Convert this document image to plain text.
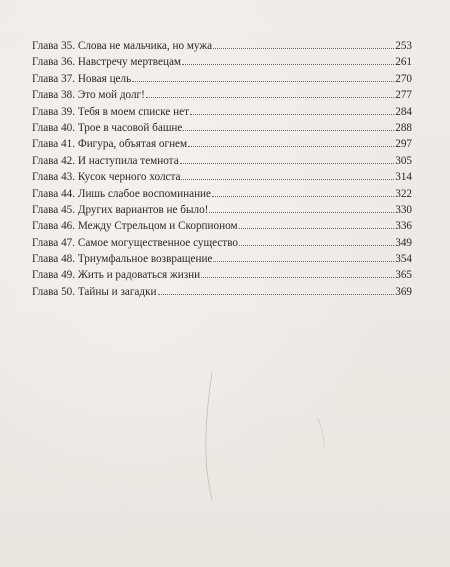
Глава 35. Слова не мальчика, но мужа	253
Глава 36. Навстречу мертвецам	261
Глава 37. Новая цель	270
Глава 38. Это мой долг!	277
Глава 39. Тебя в моем списке нет	284
Глава 40. Трое в часовой башне	288
Глава 41. Фигура, объятая огнем	297
Глава 42. И наступила темнота	305
Глава 43. Кусок черного холста	314
Глава 44. Лишь слабое воспоминание	322
Глава 45. Других вариантов не было!	330
Глава 46. Между Стрельцом и Скорпионом	336
Глава 47. Самое могущественное существо	349
Глава 48. Триумфальное возвращение	354
Глава 49. Жить и радоваться жизни	365
Глава 50. Тайны и загадки	369
